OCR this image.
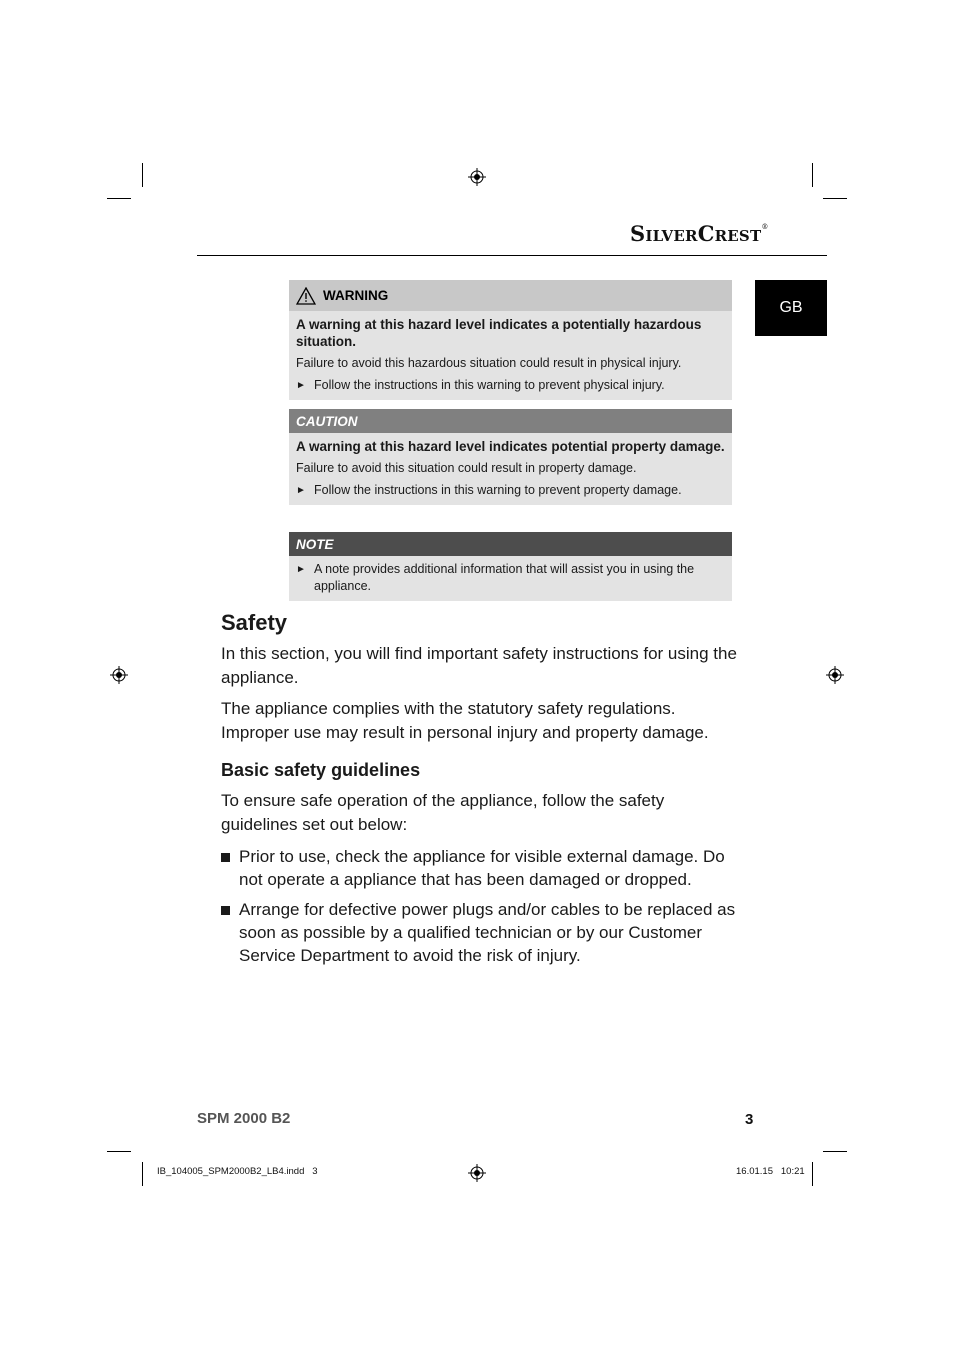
SILVERCREST®
GB
WARNING
A warning at this hazard level indicates a potentially hazardous situation.
Failure to avoid this hazardous situation could result in physical injury.
► Follow the instructions in this warning to prevent physical injury.
CAUTION
A warning at this hazard level indicates potential property damage.
Failure to avoid this situation could result in property damage.
► Follow the instructions in this warning to prevent property damage.
NOTE
► A note provides additional information that will assist you in using the appliance.
Safety
In this section, you will find important safety instructions for using the appliance.
The appliance complies with the statutory safety regulations. Improper use may result in personal injury and property damage.
Basic safety guidelines
To ensure safe operation of the appliance, follow the safety guidelines set out below:
Prior to use, check the appliance for visible external damage. Do not operate a appliance that has been damaged or dropped.
Arrange for defective power plugs and/or cables to be replaced as soon as possible by a qualified technician or by our Customer Service Department to avoid the risk of injury.
SPM 2000 B2	3
IB_104005_SPM2000B2_LB4.indd   3	16.01.15   10:21
